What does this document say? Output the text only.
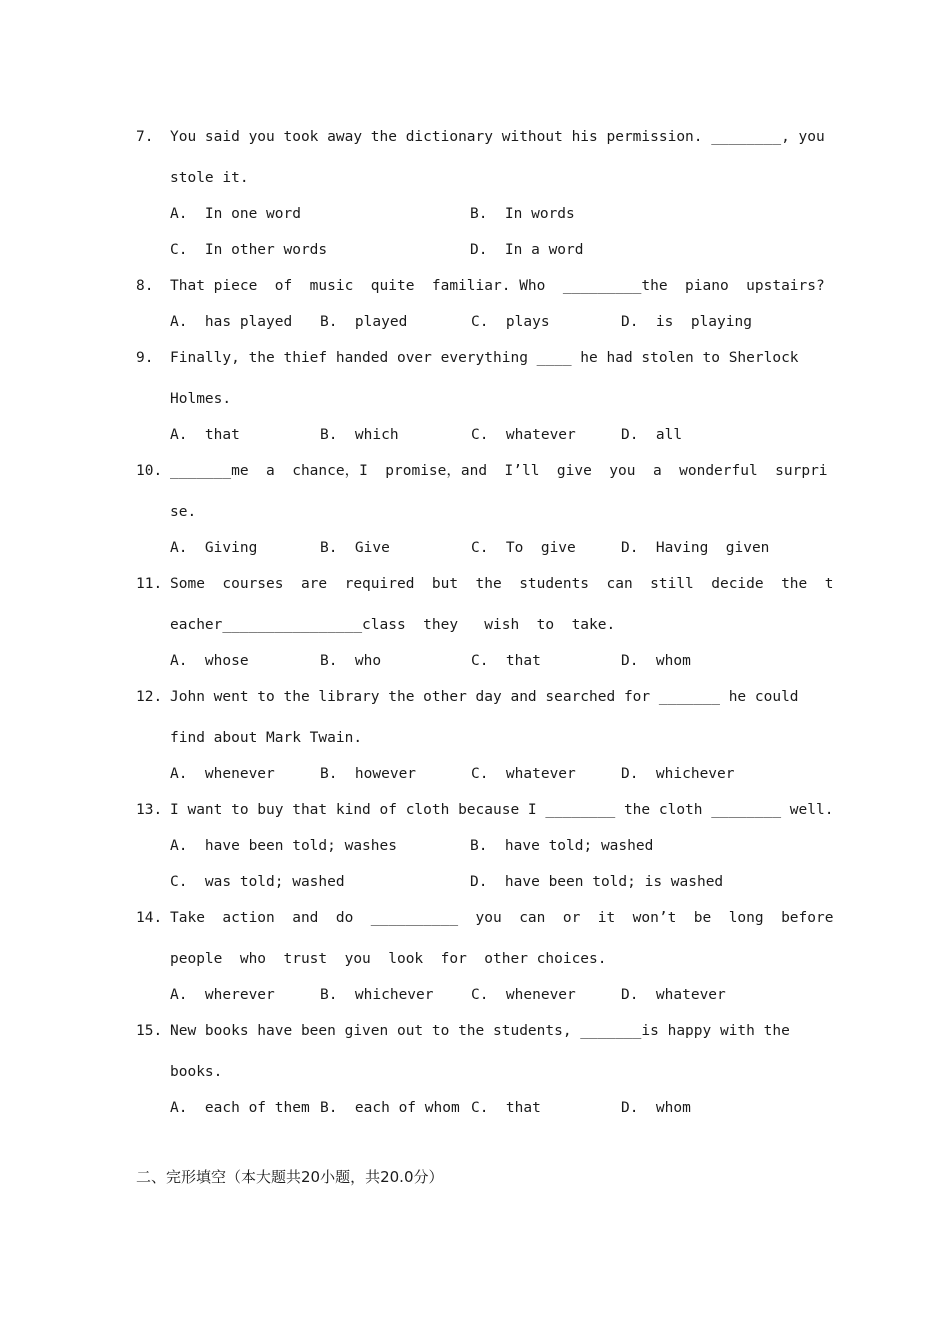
7. You said you took away the dictionary without his permission. ________, you
stole it.
A.  In one word	B.  In words
C.  In other words	D.  In a word
8. That piece  of  music  quite  familiar. Who  _________the  piano  upstairs?
A.  has played B.  played	C.  plays	D.  is  playing
9. Finally, the thief handed over everything ____ he had stolen to Sherlock
Holmes.
A.  that	B.  which	C.  whatever	D.  all
10. _______me  a  chance，I  promise，and  I’ll  give  you  a  wonderful  surpri
se.
A.  Giving	B.  Give	C.  To  give	D.  Having  given
11. Some  courses  are  required  but  the  students  can  still  decide  the  t
eacher________________class  they   wish  to  take.
A.  whose	B.  who	C.  that	D.  whom
12. John went to the library the other day and searched for _______ he could
find about Mark Twain.
A.  whenever	B.  however	C.  whatever	D.  whichever
13. I want to buy that kind of cloth because I ________ the cloth ________ well.
A.  have been told; washes	B.  have told; washed
C.  was told; washed	D.  have been told; is washed
14. Take  action  and  do  __________  you  can  or  it  won’t  be  long  before
people  who  trust  you  look  for  other choices.
A.  wherever	B.  whichever	C.  whenever	D.  whatever
15. New books have been given out to the students, _______is happy with the
books.
A.  each of them B.  each of whom C.  that	D.  whom
二、完形填空（本大题共20小题，共20.0分）
